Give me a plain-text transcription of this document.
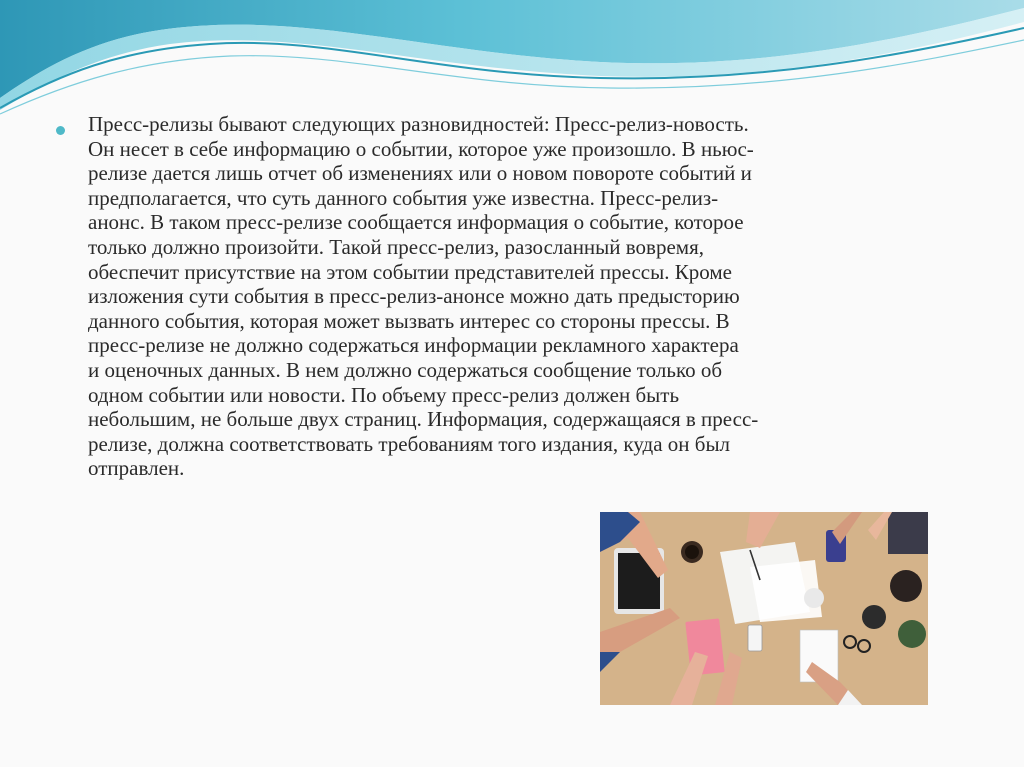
Пресс-релизы бывают следующих разновидностей: Пресс-релиз-новость.
Он несет в себе информацию о событии, которое уже произошло. В ньюс-
релизе дается лишь отчет об изменениях или о новом повороте событий и
предполагается, что суть данного события уже известна. Пресс-релиз-
анонс. В таком пресс-релизе сообщается информация о событие, которое
только должно произойти. Такой пресс-релиз, разосланный вовремя,
обеспечит присутствие на этом событии представителей прессы. Кроме
изложения сути события в пресс-релиз-анонсе можно дать предысторию
данного события, которая может вызвать интерес со стороны прессы. В
пресс-релизе не должно содержаться информации рекламного характера
и оценочных данных. В нем должно содержаться сообщение только об
одном событии или новости. По объему пресс-релиз должен быть
небольшим, не больше двух страниц. Информация, содержащаяся в пресс-
релизе, должна соответствовать требованиям того издания, куда он был
отправлен.
